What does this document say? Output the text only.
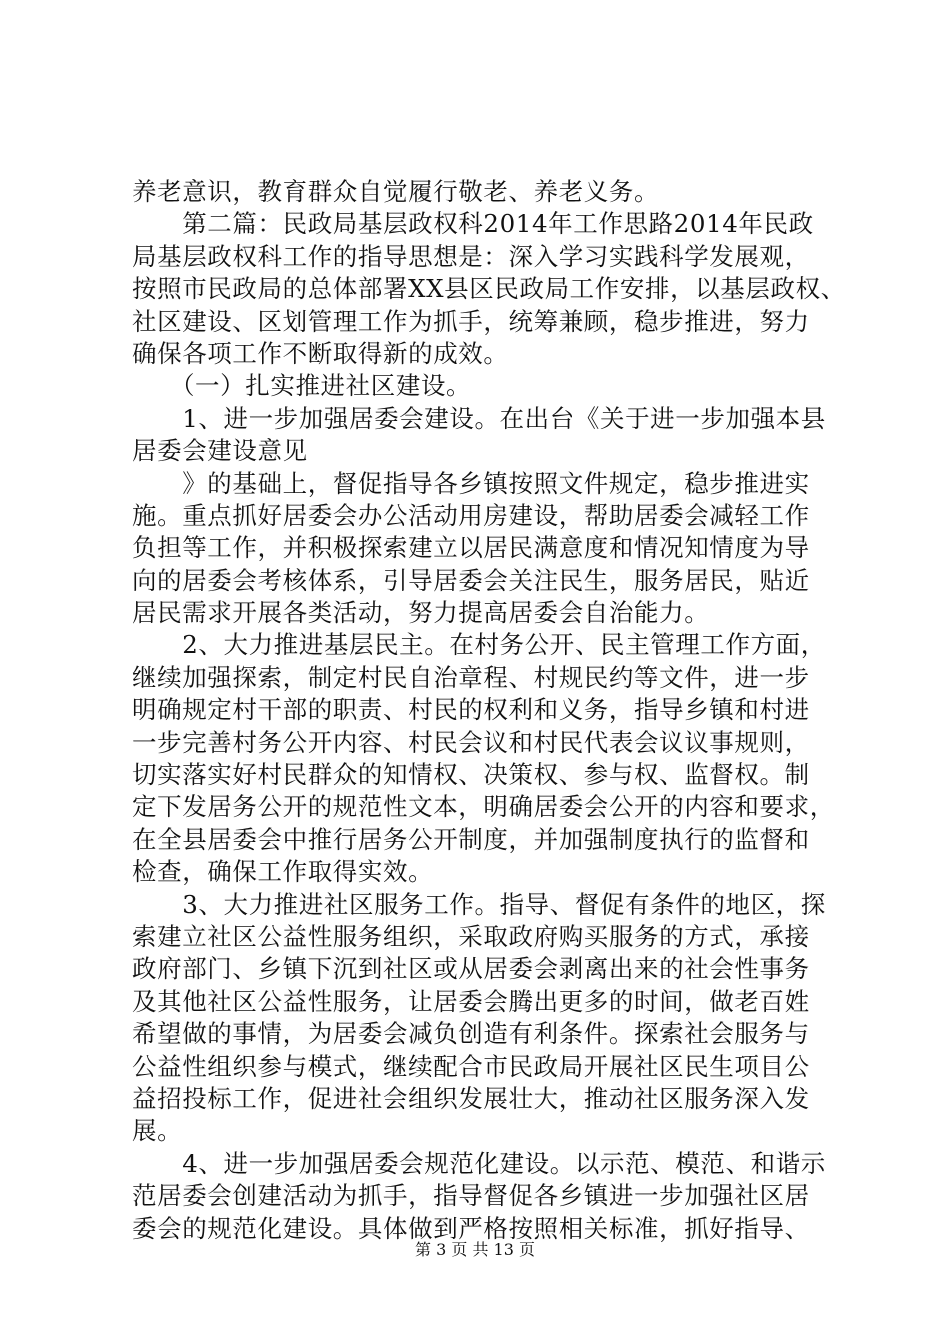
养老意识，教育群众自觉履行敬老、养老义务。
　　第二篇：民政局基层政权科2014年工作思路2014年民政
局基层政权科工作的指导思想是：深入学习实践科学发展观，
按照市民政局的总体部署XX县区民政局工作安排，以基层政权、
社区建设、区划管理工作为抓手，统筹兼顾，稳步推进，努力
确保各项工作不断取得新的成效。
　　（一）扎实推进社区建设。
　　1、进一步加强居委会建设。在出台《关于进一步加强本县
居委会建设意见
　　》的基础上，督促指导各乡镇按照文件规定，稳步推进实
施。重点抓好居委会办公活动用房建设，帮助居委会减轻工作
负担等工作，并积极探索建立以居民满意度和情况知情度为导
向的居委会考核体系，引导居委会关注民生，服务居民，贴近
居民需求开展各类活动，努力提高居委会自治能力。
　　2、大力推进基层民主。在村务公开、民主管理工作方面，
继续加强探索，制定村民自治章程、村规民约等文件，进一步
明确规定村干部的职责、村民的权利和义务，指导乡镇和村进
一步完善村务公开内容、村民会议和村民代表会议议事规则，
切实落实好村民群众的知情权、决策权、参与权、监督权。制
定下发居务公开的规范性文本，明确居委会公开的内容和要求，
在全县居委会中推行居务公开制度，并加强制度执行的监督和
检查，确保工作取得实效。
　　3、大力推进社区服务工作。指导、督促有条件的地区，探
索建立社区公益性服务组织，采取政府购买服务的方式，承接
政府部门、乡镇下沉到社区或从居委会剥离出来的社会性事务
及其他社区公益性服务，让居委会腾出更多的时间，做老百姓
希望做的事情，为居委会减负创造有利条件。探索社会服务与
公益性组织参与模式，继续配合市民政局开展社区民生项目公
益招投标工作，促进社会组织发展壮大，推动社区服务深入发
展。
　　4、进一步加强居委会规范化建设。以示范、模范、和谐示
范居委会创建活动为抓手，指导督促各乡镇进一步加强社区居
委会的规范化建设。具体做到严格按照相关标准，抓好指导、
第 3 页 共 13 页
